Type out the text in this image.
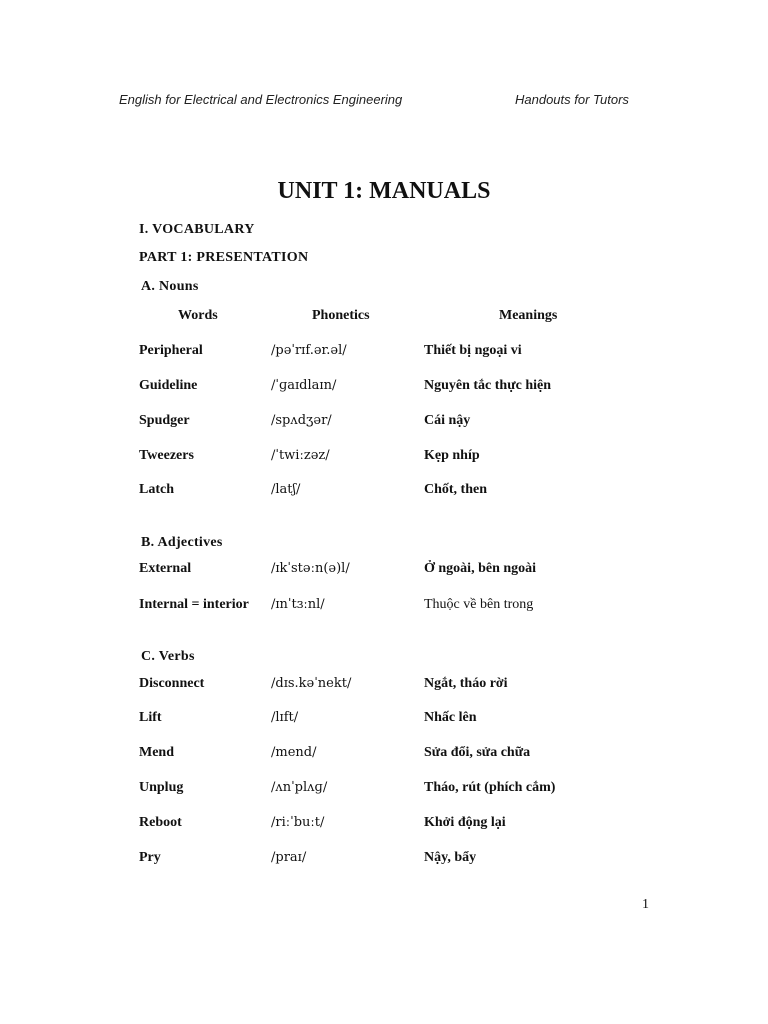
English for Electrical and Electronics Engineering	Handouts for Tutors
UNIT 1: MANUALS
I. VOCABULARY
PART 1: PRESENTATION
A. Nouns
Words	Phonetics	Meanings
Peripheral	/pəˈrɪf.ər.əl/	Thiết bị ngoại vi
Guideline	/ˈɡaɪdlaɪn/	Nguyên tắc thực hiện
Spudger	/spʌdʒər/	Cái nậy
Tweezers	/ˈtwiːzəz/	Kẹp nhíp
Latch	/latʃ/	Chốt, then
B. Adjectives
External	/ɪkˈstəːn(ə)l/	Ở ngoài, bên ngoài
Internal = interior /ɪnˈtɜːnl/	Thuộc về bên trong
C. Verbs
Disconnect	/dɪs.kəˈnekt/	Ngắt, tháo rời
Lift	/lɪft/	Nhấc lên
Mend	/mend/	Sửa đổi, sửa chữa
Unplug	/ʌnˈplʌɡ/	Tháo, rút (phích cắm)
Reboot	/riːˈbuːt/	Khởi động lại
Pry	/praɪ/	Nậy, bẩy
1
